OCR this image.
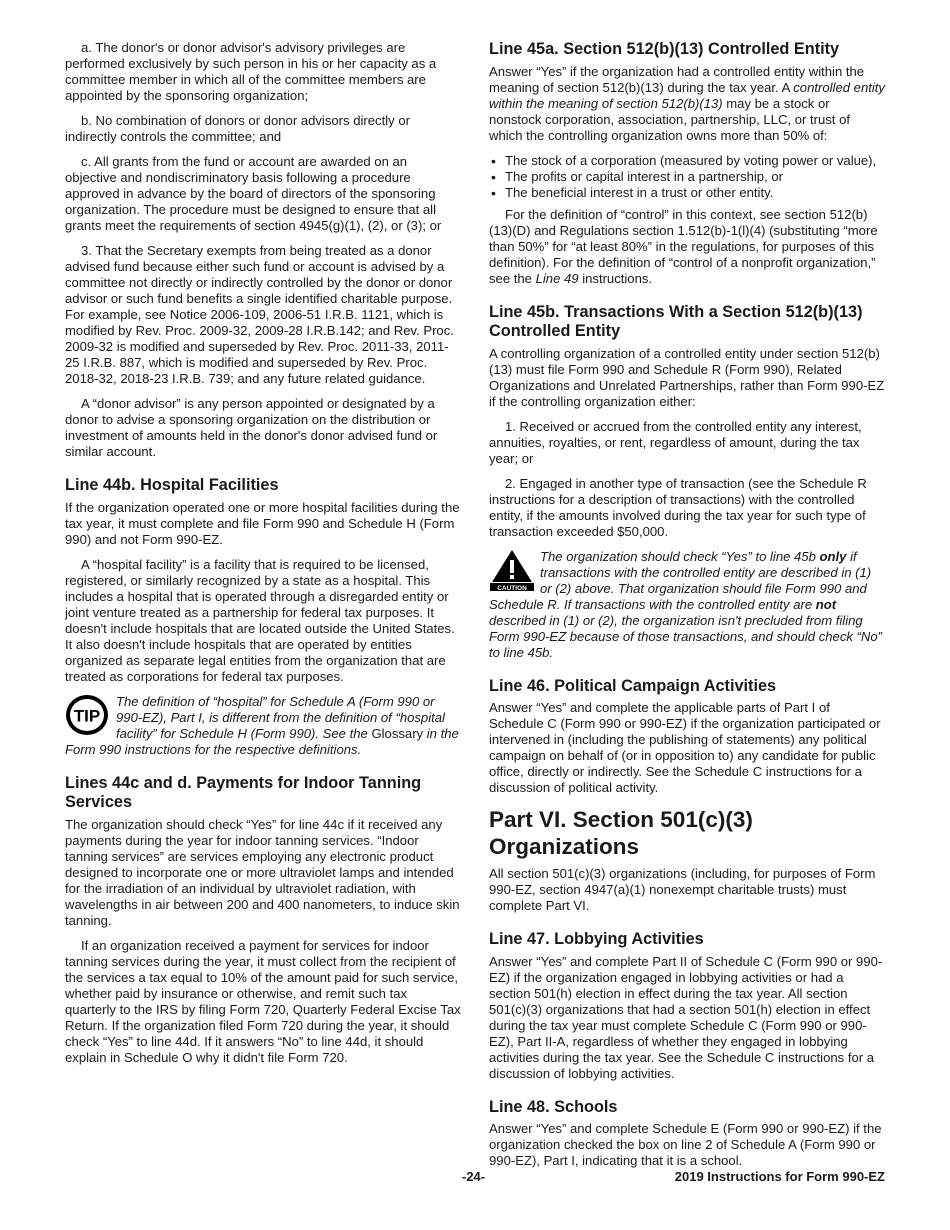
a. The donor's or donor advisor's advisory privileges are performed exclusively by such person in his or her capacity as a committee member in which all of the committee members are appointed by the sponsoring organization;

b. No combination of donors or donor advisors directly or indirectly controls the committee; and

c. All grants from the fund or account are awarded on an objective and nondiscriminatory basis following a procedure approved in advance by the board of directors of the sponsoring organization. The procedure must be designed to ensure that all grants meet the requirements of section 4945(g)(1), (2), or (3); or

3. That the Secretary exempts from being treated as a donor advised fund because either such fund or account is advised by a committee not directly or indirectly controlled by the donor or donor advisor or such fund benefits a single identified charitable purpose. For example, see Notice 2006-109, 2006-51 I.R.B. 1121, which is modified by Rev. Proc. 2009-32, 2009-28 I.R.B.142; and Rev. Proc. 2009-32 is modified and superseded by Rev. Proc. 2011-33, 2011-25 I.R.B. 887, which is modified and superseded by Rev. Proc. 2018-32, 2018-23 I.R.B. 739; and any future related guidance.

A “donor advisor” is any person appointed or designated by a donor to advise a sponsoring organization on the distribution or investment of amounts held in the donor's donor advised fund or similar account.

Line 44b. Hospital Facilities

If the organization operated one or more hospital facilities during the tax year, it must complete and file Form 990 and Schedule H (Form 990) and not Form 990-EZ.

A “hospital facility” is a facility that is required to be licensed, registered, or similarly recognized by a state as a hospital. This includes a hospital that is operated through a disregarded entity or joint venture treated as a partnership for federal tax purposes. It doesn't include hospitals that are located outside the United States. It also doesn't include hospitals that are operated by entities organized as separate legal entities from the organization that are treated as corporations for federal tax purposes.

TIP

The definition of “hospital” for Schedule A (Form 990 or 990-EZ), Part I, is different from the definition of “hospital facility” for Schedule H (Form 990). See the Glossary in the Form 990 instructions for the respective definitions.

Lines 44c and d. Payments for Indoor Tanning Services

The organization should check “Yes” for line 44c if it received any payments during the year for indoor tanning services. “Indoor tanning services” are services employing any electronic product designed to incorporate one or more ultraviolet lamps and intended for the irradiation of an individual by ultraviolet radiation, with wavelengths in air between 200 and 400 nanometers, to induce skin tanning.

If an organization received a payment for services for indoor tanning services during the year, it must collect from the recipient of the services a tax equal to 10% of the amount paid for such service, whether paid by insurance or otherwise, and remit such tax quarterly to the IRS by filing Form 720, Quarterly Federal Excise Tax Return. If the organization filed Form 720 during the year, it should check “Yes” to line 44d. If it answers “No” to line 44d, it should explain in Schedule O why it didn't file Form 720.

Line 45a. Section 512(b)(13) Controlled Entity

Answer “Yes” if the organization had a controlled entity within the meaning of section 512(b)(13) during the tax year. A controlled entity within the meaning of section 512(b)(13) may be a stock or nonstock corporation, association, partnership, LLC, or trust of which the controlling organization owns more than 50% of:

• The stock of a corporation (measured by voting power or value),
• The profits or capital interest in a partnership, or
• The beneficial interest in a trust or other entity.

For the definition of “control” in this context, see section 512(b)(13)(D) and Regulations section 1.512(b)-1(l)(4) (substituting “more than 50%” for “at least 80%” in the regulations, for purposes of this definition). For the definition of “control of a nonprofit organization,” see the Line 49 instructions.

Line 45b. Transactions With a Section 512(b)(13) Controlled Entity

A controlling organization of a controlled entity under section 512(b)(13) must file Form 990 and Schedule R (Form 990), Related Organizations and Unrelated Partnerships, rather than Form 990-EZ if the controlling organization either:

1. Received or accrued from the controlled entity any interest, annuities, royalties, or rent, regardless of amount, during the tax year; or

2. Engaged in another type of transaction (see the Schedule R instructions for a description of transactions) with the controlled entity, if the amounts involved during the tax year for such type of transaction exceeded $50,000.

CAUTION

The organization should check “Yes” to line 45b only if transactions with the controlled entity are described in (1) or (2) above. That organization should file Form 990 and Schedule R. If transactions with the controlled entity are not described in (1) or (2), the organization isn't precluded from filing Form 990-EZ because of those transactions, and should check “No” to line 45b.

Line 46. Political Campaign Activities

Answer “Yes” and complete the applicable parts of Part I of Schedule C (Form 990 or 990-EZ) if the organization participated or intervened in (including the publishing of statements) any political campaign on behalf of (or in opposition to) any candidate for public office, directly or indirectly. See the Schedule C instructions for a discussion of political activity.

Part VI. Section 501(c)(3) Organizations

All section 501(c)(3) organizations (including, for purposes of Form 990-EZ, section 4947(a)(1) nonexempt charitable trusts) must complete Part VI.

Line 47. Lobbying Activities

Answer “Yes” and complete Part II of Schedule C (Form 990 or 990-EZ) if the organization engaged in lobbying activities or had a section 501(h) election in effect during the tax year. All section 501(c)(3) organizations that had a section 501(h) election in effect during the tax year must complete Schedule C (Form 990 or 990-EZ), Part II-A, regardless of whether they engaged in lobbying activities during the tax year. See the Schedule C instructions for a discussion of lobbying activities.

Line 48. Schools

Answer “Yes” and complete Schedule E (Form 990 or 990-EZ) if the organization checked the box on line 2 of Schedule A (Form 990 or 990-EZ), Part I, indicating that it is a school.

-24-	2019 Instructions for Form 990-EZ
